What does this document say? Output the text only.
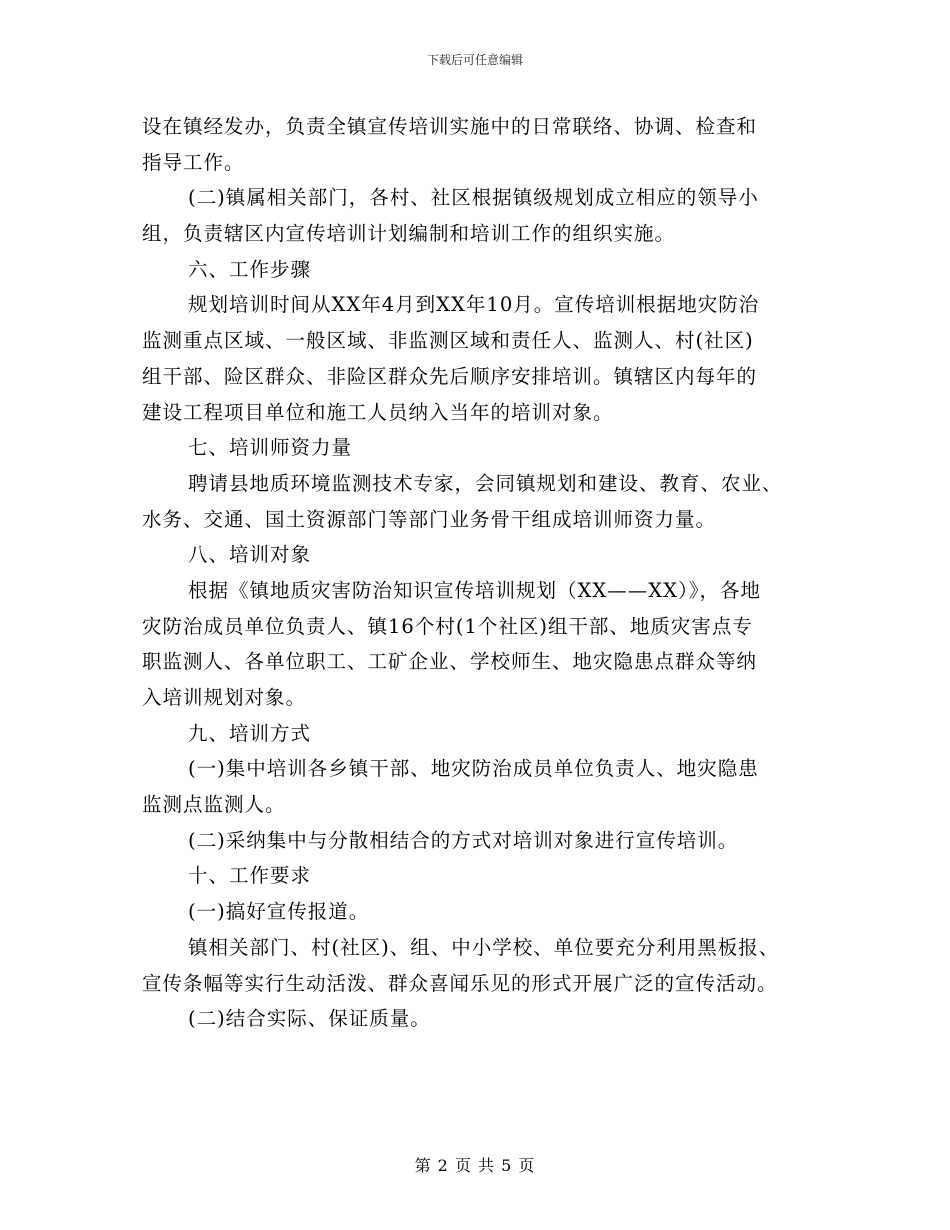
下载后可任意编辑
设在镇经发办，负责全镇宣传培训实施中的日常联络、协调、检查和
指导工作。
(二)镇属相关部门，各村、社区根据镇级规划成立相应的领导小
组，负责辖区内宣传培训计划编制和培训工作的组织实施。
六、工作步骤
规划培训时间从XX年4月到XX年10月。宣传培训根据地灾防治
监测重点区域、一般区域、非监测区域和责任人、监测人、村(社区)
组干部、险区群众、非险区群众先后顺序安排培训。镇辖区内每年的
建设工程项目单位和施工人员纳入当年的培训对象。
七、培训师资力量
聘请县地质环境监测技术专家，会同镇规划和建设、教育、农业、
水务、交通、国土资源部门等部门业务骨干组成培训师资力量。
八、培训对象
根据《镇地质灾害防治知识宣传培训规划（XX——XX）》，各地
灾防治成员单位负责人、镇16个村(1个社区)组干部、地质灾害点专
职监测人、各单位职工、工矿企业、学校师生、地灾隐患点群众等纳
入培训规划对象。
九、培训方式
(一)集中培训各乡镇干部、地灾防治成员单位负责人、地灾隐患
监测点监测人。
(二)采纳集中与分散相结合的方式对培训对象进行宣传培训。
十、工作要求
(一)搞好宣传报道。
镇相关部门、村(社区)、组、中小学校、单位要充分利用黑板报、
宣传条幅等实行生动活泼、群众喜闻乐见的形式开展广泛的宣传活动。
(二)结合实际、保证质量。
第 2 页 共 5 页
